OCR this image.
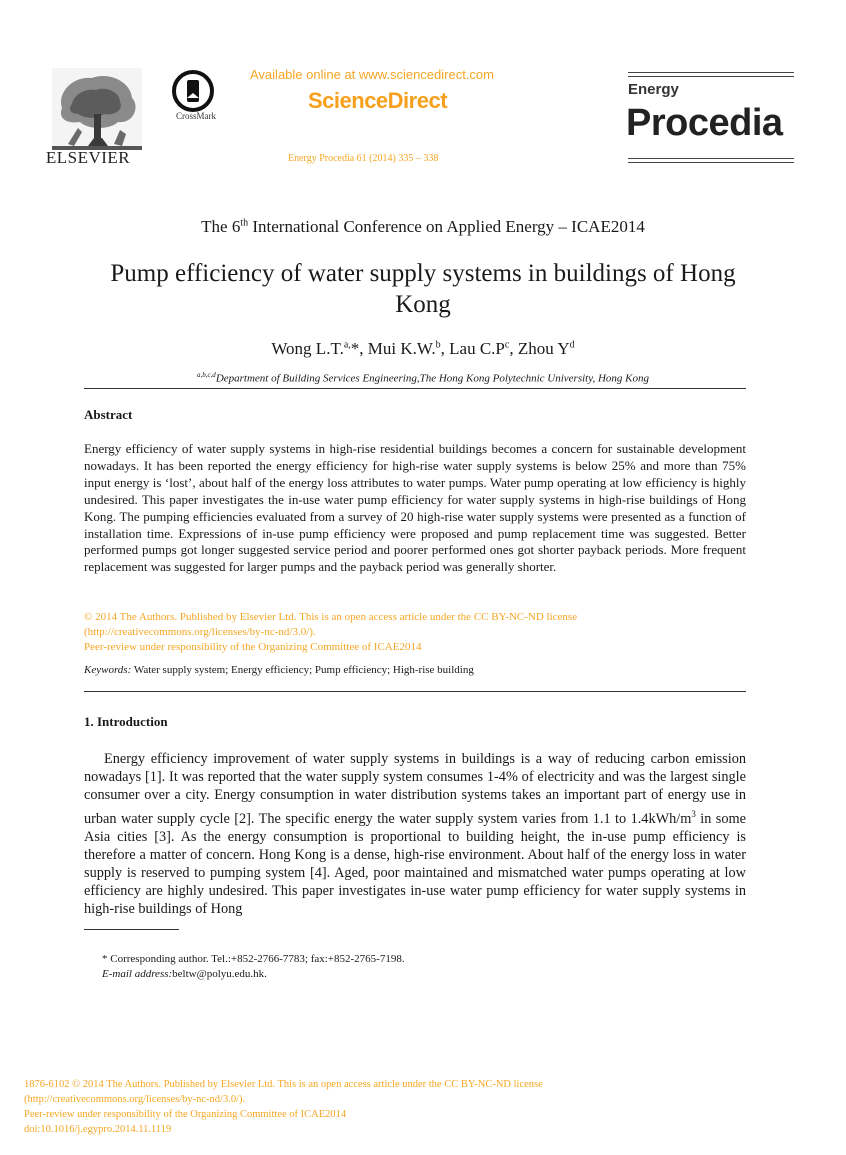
ELSEVIER
CrossMark
Available online at www.sciencedirect.com
ScienceDirect
Energy Procedia 61 (2014) 335 – 338
Energy
Procedia
The 6th International Conference on Applied Energy – ICAE2014
Pump efficiency of water supply systems in buildings of Hong Kong
Wong L.T.$^{a,}$*, Mui K.W.$^b$, Lau $C.P^c$, Zhou $Y^d$
$^{a,b,c,d}$Department of Building Services Engineering,The Hong Kong Polytechnic University, Hong Kong
Abstract
Energy efficiency of water supply systems in high-rise residential buildings becomes a concern for sustainable development nowadays. It has been reported the energy efficiency for high-rise water supply systems is below 25% and more than 75% input energy is ‘lost’, about half of the energy loss attributes to water pumps. Water pump operating at low efficiency is highly undesired. This paper investigates the in-use water pump efficiency for water supply systems in high-rise buildings of Hong Kong. The pumping efficiencies evaluated from a survey of 20 high-rise water supply systems were presented as a function of installation time. Expressions of in-use pump efficiency were proposed and pump replacement time was suggested. Better performed pumps got longer suggested service period and poorer performed ones got shorter payback periods. More frequent replacement was suggested for larger pumps and the payback period was generally shorter.
© 2014 The Authors. Published by Elsevier Ltd. This is an open access article under the CC BY-NC-ND license
(http://creativecommons.org/licenses/by-nc-nd/3.0/).
Peer-review under responsibility of the Organizing Committee of ICAE2014
Keywords: Water supply system; Energy efficiency; Pump efficiency; High-rise building
1. Introduction
Energy efficiency improvement of water supply systems in buildings is a way of reducing carbon emission nowadays [1]. It was reported that the water supply system consumes 1-4% of electricity and was the largest single consumer over a city. Energy consumption in water distribution systems takes an important part of energy use in urban water supply cycle [2]. The specific energy the water supply system varies from 1.1 to $1.4kWh/m^3$ in some Asia cities [3]. As the energy consumption is proportional to building height, the in-use pump efficiency is therefore a matter of concern. Hong Kong is a dense, high-rise environment. About half of the energy loss in water supply is reserved to pumping system [4]. Aged, poor maintained and mismatched water pumps operating at low efficiency are highly undesired. This paper investigates in-use water pump efficiency for water supply systems in high-rise buildings of Hong
* Corresponding author. Tel.:+852-2766-7783; fax:+852-2765-7198.
E-mail address:beltw@polyu.edu.hk.
1876-6102 © 2014 The Authors. Published by Elsevier Ltd. This is an open access article under the CC BY-NC-ND license
(http://creativecommons.org/licenses/by-nc-nd/3.0/).
Peer-review under responsibility of the Organizing Committee of ICAE2014
doi:10.1016/j.egypro.2014.11.1119
